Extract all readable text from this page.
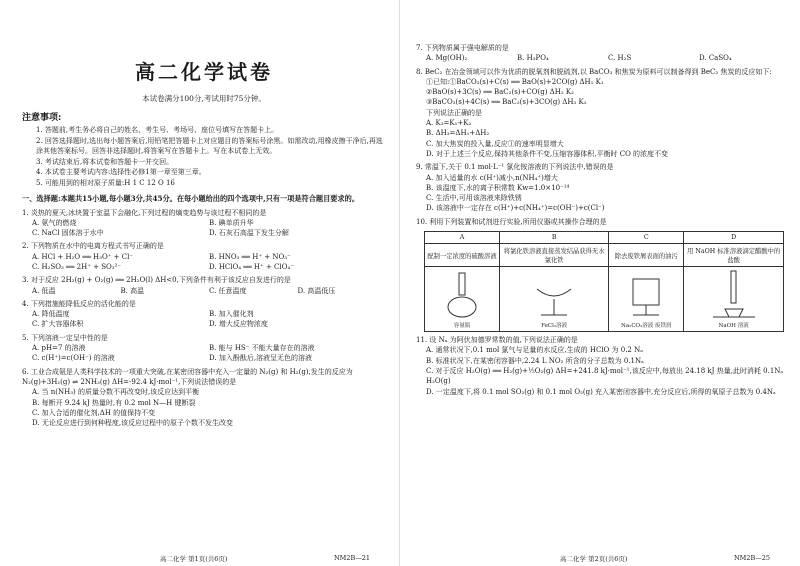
高二化学试卷
本试卷满分100分,考试用时75分钟。
注意事项:
1. 答题前,考生务必将自己的姓名、考生号、考场号、座位号填写在答题卡上。
2. 回答选择题时,选出每小题答案后,用铅笔把答题卡上对应题目的答案标号涂黑。如需改动,用橡皮擦干净后,再选涂其他答案标号。回答非选择题时,将答案写在答题卡上。写在本试卷上无效。
3. 考试结束后,将本试卷和答题卡一并交回。
4. 本试卷主要考试内容:选择性必修1第一章至第三章。
5. 可能用到的相对原子质量:H 1 C 12 O 16
一、选择题:本题共15小题,每小题3分,共45分。在每小题给出的四个选项中,只有一项是符合题目要求的。
1. 炎热的夏天,冰块置于室温下会融化,下列过程的熵变趋势与该过程不相同的是
A. 氨气的燃烧	B. 碘单质升华
C. NaCl 固体溶于水中	D. 石灰石高温下发生分解
2. 下列物质在水中的电离方程式书写正确的是
A. HCl + H₂O ══ H₃O⁺ + Cl⁻	B. HNO₃ ══ H⁺ + NO₃⁻
C. H₂SO₃ ══ 2H⁺ + SO₃²⁻	D. HClO₄ ══ H⁺ + ClO₄⁻
3. 对于反应 2H₂(g) + O₂(g) ══ 2H₂O(l) ΔH<0,下列条件有利于该反应自发进行的是
A. 低温	B. 高温	C. 任意温度	D. 高温低压
4. 下列措施能降低反应的活化能的是
A. 降低温度	B. 加入催化剂
C. 扩大容器体积	D. 增大反应物浓度
5. 下列溶液一定呈中性的是
A. pH=7 的溶液	B. 能与 HS⁻ 不能大量存在的溶液
C. c(H⁺)=c(OH⁻) 的溶液	D. 加入酚酞后,溶液呈无色的溶液
6. 工业合成氨是人类科学技术的一项重大突破,在某密闭容器中充入一定量的 N₂(g) 和 H₂(g),发生的反应为 N₂(g)+3H₂(g) ⇌ 2NH₃(g) ΔH=-92.4 kJ·mol⁻¹,下列说法错误的是
A. 当 n(NH₃) 的质量分数不再改变时,该反应达到平衡
B. 每断开 9.24 kJ 热量时,有 0.2 mol N—H 键断裂
C. 加入合适的催化剂,ΔH 的值保持不变
D. 无论反应进行到何种程度,该反应过程中的原子个数不发生改变
高二化学 第1页(共6页)	NM2B—21
7. 下列物质属于强电解质的是
A. Mg(OH)₂	B. H₃PO₄	C. H₂S	D. CaSO₄
8. BeC₂ 在冶金领域可以作为优质的脱氧剂和脱硫剂,以 BaCO₃ 和焦炭为原料可以制备得到 BeC₂ 焦炭的反应如下:
①已知:①BaCO₃(s)+C(s) ══ BaO(s)+2CO(g) ΔH₁ K₁
②BaO(s)+3C(s) ══ BaC₂(s)+CO(g) ΔH₂ K₂
③BaCO₃(s)+4C(s) ══ BaC₂(s)+3CO(g) ΔH₃ K₃
下列说法正确的是
A. K₃=K₁+K₂
B. ΔH₃=ΔH₁+ΔH₂
C. 加大焦炭的投入量,反应①的速率明显增大
D. 对于上述三个反应,保持其他条件不变,压缩容器体积,平衡时 CO 的浓度不变
9. 常温下,关于 0.1 mol·L⁻¹ 氯化铵溶液的下列说法中,错误的是
A. 加入适量的水 c(H⁺)减小,n(NH₄⁺)增大
B. 该温度下,水的离子积常数 Kw=1.0×10⁻¹⁴
C. 生活中,可用该溶液来除铁锈
D. 该溶液中一定存在 c(H⁺)+c(NH₄⁺)=c(OH⁻)+c(Cl⁻)
10. 利用下列装置和试剂进行实验,所用仪器或其操作合理的是
A	B	C	D
配制一定浓度的硫酸溶液	将氯化铁溶液直接蒸发结晶获得无水氯化铁	除去废铁屑表面的油污	用 NaOH 标准溶液滴定醋酸中的盐酸

容量瓶	FeCl₃溶液	Na₂CO₃溶液 废铁屑	NaOH 溶液
11. 设 Nₐ 为阿伏加德罗常数的值,下列说法正确的是
A. 通常状况下,0.1 mol 氯气与足量的水反应,生成的 HClO 为 0.2 Nₐ
B. 标准状况下,在某密闭容器中,2.24 L NO₂ 所含的分子总数为 0.1Nₐ
C. 对于反应 H₂O(g) ══ H₂(g)+½O₂(g) ΔH=+241.8 kJ·mol⁻¹,该反应中,每放出 24.18 kJ 热量,此时消耗 0.1Nₐ H₂O(g)
D. 一定温度下,将 0.1 mol SO₂(g) 和 0.1 mol O₂(g) 充入某密闭容器中,充分反应后,所得的氧原子总数为 0.4Nₐ
高二化学 第2页(共6页)	NM2B—25
